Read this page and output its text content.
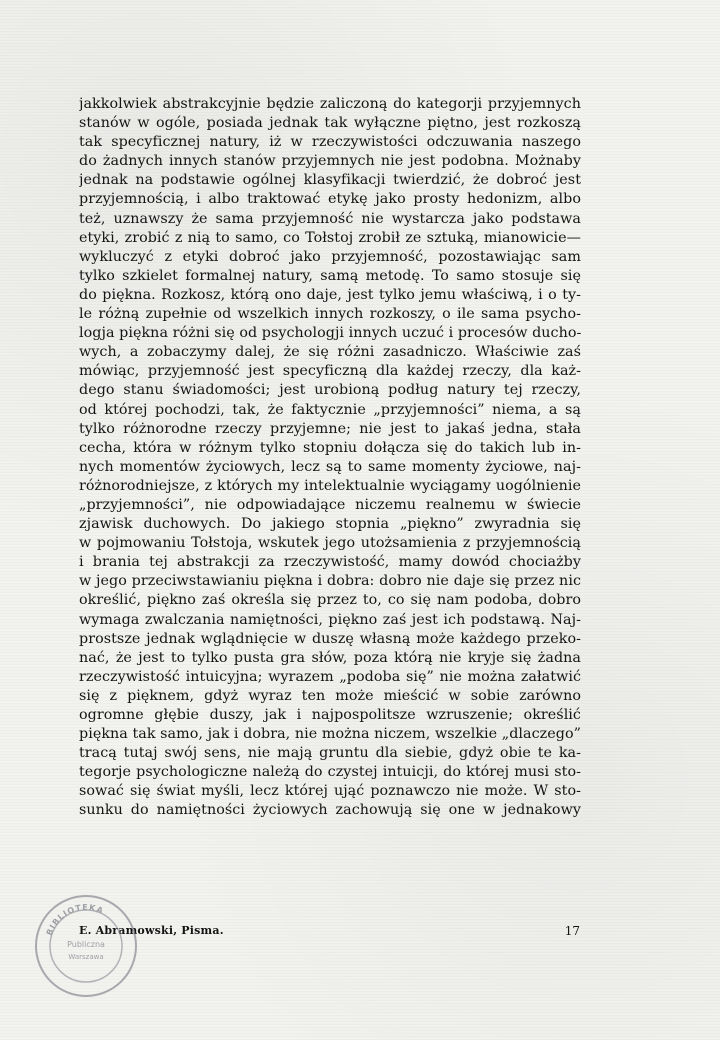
jakkolwiek abstrakcyjnie będzie zaliczoną do kategorji przyjemnych
stanów w ogóle, posiada jednak tak wyłączne piętno, jest rozkoszą
tak specyficznej natury, iż w rzeczywistości odczuwania naszego
do żadnych innych stanów przyjemnych nie jest podobna. Możnaby
jednak na podstawie ogólnej klasyfikacji twierdzić, że dobroć jest
przyjemnością, i albo traktować etykę jako prosty hedonizm, albo
też, uznawszy że sama przyjemność nie wystarcza jako podstawa
etyki, zrobić z nią to samo, co Tołstoj zrobił ze sztuką, mianowicie—
wykluczyć z etyki dobroć jako przyjemność, pozostawiając sam
tylko szkielet formalnej natury, samą metodę. To samo stosuje się
do piękna. Rozkosz, którą ono daje, jest tylko jemu właściwą, i o ty-
le różną zupełnie od wszelkich innych rozkoszy, o ile sama psycho-
logja piękna różni się od psychologji innych uczuć i procesów ducho-
wych, a zobaczymy dalej, że się różni zasadniczo. Właściwie zaś
mówiąc, przyjemność jest specyficzną dla każdej rzeczy, dla każ-
dego stanu świadomości; jest urobioną podług natury tej rzeczy,
od której pochodzi, tak, że faktycznie „przyjemności” niema, a są
tylko różnorodne rzeczy przyjemne; nie jest to jakaś jedna, stała
cecha, która w różnym tylko stopniu dołącza się do takich lub in-
nych momentów życiowych, lecz są to same momenty życiowe, naj-
różnorodniejsze, z których my intelektualnie wyciągamy uogólnienie
„przyjemności”, nie odpowiadające niczemu realnemu w świecie
zjawisk duchowych. Do jakiego stopnia „piękno” zwyradnia się
w pojmowaniu Tołstoja, wskutek jego utożsamienia z przyjemnością
i brania tej abstrakcji za rzeczywistość, mamy dowód chociażby
w jego przeciwstawianiu piękna i dobra: dobro nie daje się przez nic
określić, piękno zaś określa się przez to, co się nam podoba, dobro
wymaga zwalczania namiętności, piękno zaś jest ich podstawą. Naj-
prostsze jednak wglądnięcie w duszę własną może każdego przeko-
nać, że jest to tylko pusta gra słów, poza którą nie kryje się żadna
rzeczywistość intuicyjna; wyrazem „podoba się” nie można załatwić
się z pięknem, gdyż wyraz ten może mieścić w sobie zarówno
ogromne głębie duszy, jak i najpospolitsze wzruszenie; określić
piękna tak samo, jak i dobra, nie można niczem, wszelkie „dlaczego”
tracą tutaj swój sens, nie mają gruntu dla siebie, gdyż obie te ka-
tegorje psychologiczne należą do czystej intuicji, do której musi sto-
sować się świat myśli, lecz której ująć poznawczo nie może. W sto-
sunku do namiętności życiowych zachowują się one w jednakowy
E. Abramowski, Pisma.	17
BIBLIOTEKA
Publiczna
Warszawa
